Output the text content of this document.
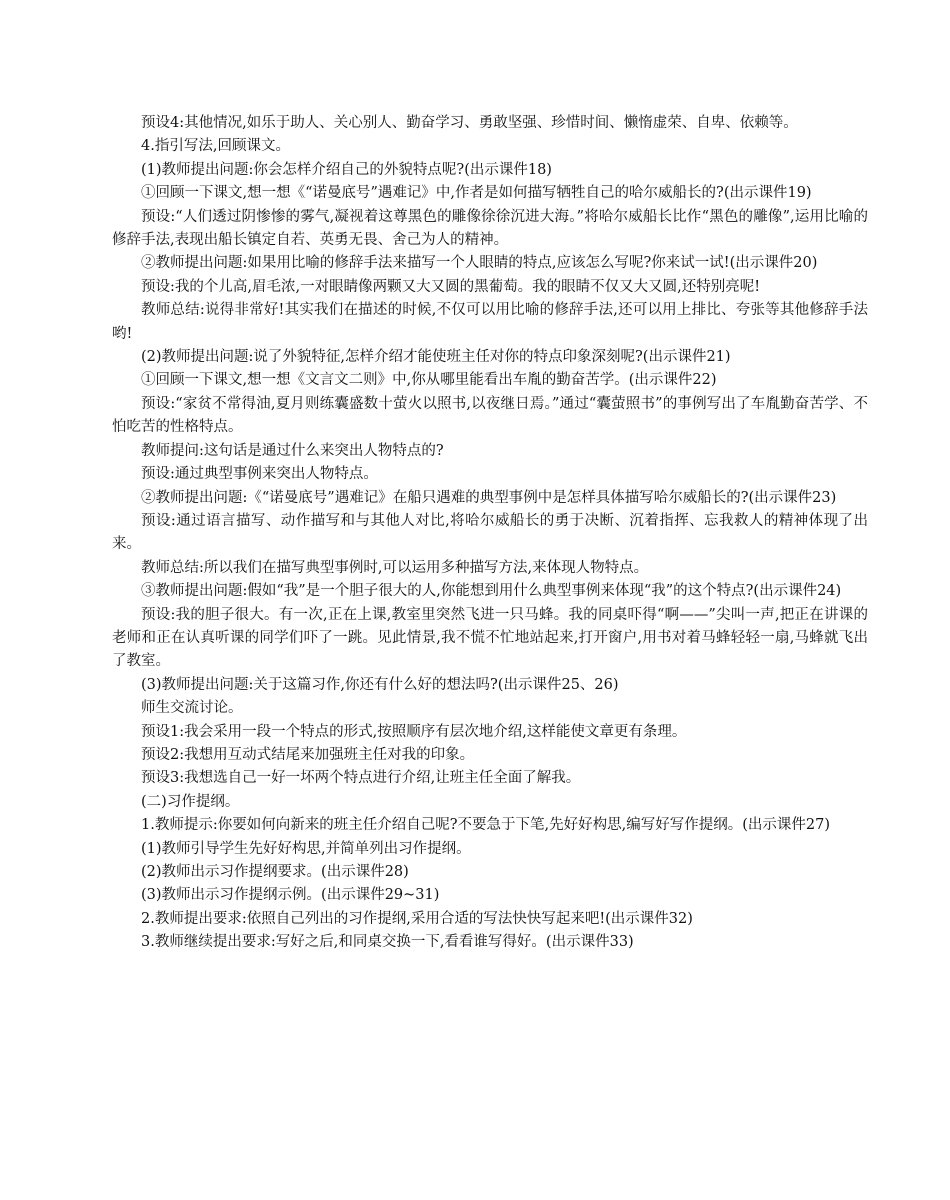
预设4:其他情况,如乐于助人、关心别人、勤奋学习、勇敢坚强、珍惜时间、懒惰虚荣、自卑、依赖等。

4.指引写法,回顾课文。

(1)教师提出问题:你会怎样介绍自己的外貌特点呢?(出示课件18)

①回顾一下课文,想一想《“诺曼底号”遇难记》中,作者是如何描写牺牲自己的哈尔威船长的?(出示课件19)

预设:“人们透过阴惨惨的雾气,凝视着这尊黑色的雕像徐徐沉进大海。”将哈尔威船长比作“黑色的雕像”,运用比喻的修辞手法,表现出船长镇定自若、英勇无畏、舍己为人的精神。

②教师提出问题:如果用比喻的修辞手法来描写一个人眼睛的特点,应该怎么写呢?你来试一试!(出示课件20)

预设:我的个儿高,眉毛浓,一对眼睛像两颗又大又圆的黑葡萄。我的眼睛不仅又大又圆,还特别亮呢!

教师总结:说得非常好!其实我们在描述的时候,不仅可以用比喻的修辞手法,还可以用上排比、夸张等其他修辞手法哟!

(2)教师提出问题:说了外貌特征,怎样介绍才能使班主任对你的特点印象深刻呢?(出示课件21)

①回顾一下课文,想一想《文言文二则》中,你从哪里能看出车胤的勤奋苦学。(出示课件22)

预设:“家贫不常得油,夏月则练囊盛数十萤火以照书,以夜继日焉。”通过“囊萤照书”的事例写出了车胤勤奋苦学、不怕吃苦的性格特点。

教师提问:这句话是通过什么来突出人物特点的?

预设:通过典型事例来突出人物特点。

②教师提出问题:《“诺曼底号”遇难记》在船只遇难的典型事例中是怎样具体描写哈尔威船长的?(出示课件23)

预设:通过语言描写、动作描写和与其他人对比,将哈尔威船长的勇于决断、沉着指挥、忘我救人的精神体现了出来。

教师总结:所以我们在描写典型事例时,可以运用多种描写方法,来体现人物特点。

③教师提出问题:假如“我”是一个胆子很大的人,你能想到用什么典型事例来体现“我”的这个特点?(出示课件24)

预设:我的胆子很大。有一次,正在上课,教室里突然飞进一只马蜂。我的同桌吓得“啊——”尖叫一声,把正在讲课的老师和正在认真听课的同学们吓了一跳。见此情景,我不慌不忙地站起来,打开窗户,用书对着马蜂轻轻一扇,马蜂就飞出了教室。

(3)教师提出问题:关于这篇习作,你还有什么好的想法吗?(出示课件25、26)

师生交流讨论。

预设1:我会采用一段一个特点的形式,按照顺序有层次地介绍,这样能使文章更有条理。

预设2:我想用互动式结尾来加强班主任对我的印象。

预设3:我想选自己一好一坏两个特点进行介绍,让班主任全面了解我。

(二)习作提纲。

1.教师提示:你要如何向新来的班主任介绍自己呢?不要急于下笔,先好好构思,编写好写作提纲。(出示课件27)

(1)教师引导学生先好好构思,并简单列出习作提纲。

(2)教师出示习作提纲要求。(出示课件28)

(3)教师出示习作提纲示例。(出示课件29~31)

2.教师提出要求:依照自己列出的习作提纲,采用合适的写法快快写起来吧!(出示课件32)

3.教师继续提出要求:写好之后,和同桌交换一下,看看谁写得好。(出示课件33)
